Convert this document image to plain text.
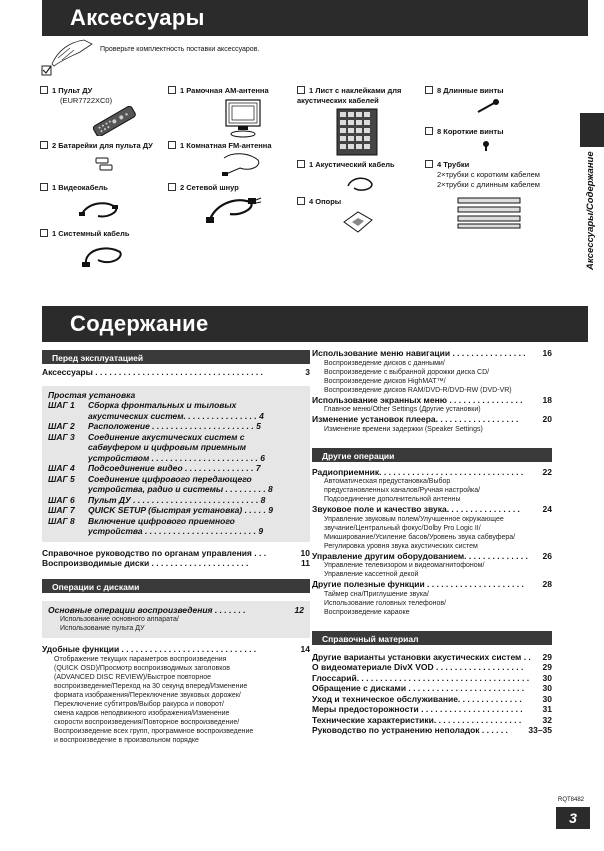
Аксессуары
Аксессуары/Содержание
Проверьте комплектность поставки аксессуаров.
1 Пульт ДУ
(EUR7722XC0)
2 Батарейки для пульта ДУ
1 Видеокабель
1 Системный кабель
1 Рамочная АМ-антенна
1 Комнатная FM-антенна
2 Сетевой шнур
1 Лист с наклейками для акустических кабелей
1 Акустический кабель
4 Опоры
8 Длинные винты
8 Короткие винты
4 Трубки
2×трубки с коротким кабелем
2×трубки с длинным кабелем
Содержание
Перед эксплуатацией
Аксессуары . . . . . . . . . . . . . . . . . . . . . . . . . . . . . . . . . . . .	3
Простая установка
ШАГ 1	Сборка фронтальных и тыловых
акустических систем. . . . . . . . . . . . . . . . 4
ШАГ 2	Расположение . . . . . . . . . . . . . . . . . . . . . . 5
ШАГ 3	Соединение акустических систем с
сабвуфером и цифровым приемным
устройством . . . . . . . . . . . . . . . . . . . . . . . 6
ШАГ 4	Подсоединение видео . . . . . . . . . . . . . . . 7
ШАГ 5	Соединение цифрового передающего
устройства, радио и системы . . . . . . . . . 8
ШАГ 6	Пульт ДУ . . . . . . . . . . . . . . . . . . . . . . . . . . . 8
ШАГ 7	QUICK SETUP (быстрая установка) . . . . . 9
ШАГ 8	Включение цифрового приемного
устройства . . . . . . . . . . . . . . . . . . . . . . . . 9
Справочное руководство по органам управления . . .	10
Воспроизводимые диски . . . . . . . . . . . . . . . . . . . . .	11
Операции с дисками
Основные операции воспроизведения . . . . . . .	12
Использование основного аппарата/
Использование пульта ДУ
Удобные функции . . . . . . . . . . . . . . . . . . . . . . . . . . . . .	14
Отображение текущих параметров воспроизведения
(QUICK OSD)/Просмотр воспроизводимых заголовков
(ADVANCED DISC REVIEW)/Быстрое повторное
воспроизведение/Переход на 30 секунд вперед/Изменение
формата изображения/Переключение звуковых дорожек/
Переключение субтитров/Выбор ракурса и поворот/
смена кадров неподвижного изображения/Изменение
скорости воспроизведения/Повторное воспроизведение/
Воспроизведение всех групп, программное воспроизведение
и воспроизведение в произвольном порядке
Использование меню навигации . . . . . . . . . . . . . . . . 16
Воспроизведение дисков с данными/
Воспроизведение с выбранной дорожки диска CD/
Воспроизведение дисков HighMAT™/
Воспроизведение дисков RAM/DVD-R/DVD-RW (DVD-VR)
Использование экранных меню . . . . . . . . . . . . . . . . 18
Главное меню/Other Settings (Другие установки)
Изменение установок плеера. . . . . . . . . . . . . . . . . .	20
Изменение времени задержки (Speaker Settings)
Другие операции
Радиоприемник. . . . . . . . . . . . . . . . . . . . . . . . . . . . . . . 22
Автоматическая предустановка/Выбор
предустановленных каналов/Ручная настройка/
Подсоединение дополнительной антенны
Звуковое поле и качество звука. . . . . . . . . . . . . . . .	24
Управление звуковым полем/Улучшенное окружающее
звучание/Центральный фокус/Dolby Pro Logic II/
Микширование/Усиление басов/Уровень звука сабвуфера/
Регулировка уровня звука акустических систем
Управление другим оборудованием. . . . . . . . . . . . . . 26
Управление телевизором и видеомагнитофоном/
Управление кассетной декой
Другие полезные функции . . . . . . . . . . . . . . . . . . . . . 28
Таймер сна/Приглушение звука/
Использование головных телефонов/
Воспроизведение караоке
Справочный материал
Другие варианты установки акустических систем . . 29
О видеоматериале DivX VOD . . . . . . . . . . . . . . . . . . . 29
Глоссарий. . . . . . . . . . . . . . . . . . . . . . . . . . . . . . . . . . . . . 30
Обращение с дисками . . . . . . . . . . . . . . . . . . . . . . . . . 30
Уход и техническое обслуживание. . . . . . . . . . . . . . 30
Меры предосторожности . . . . . . . . . . . . . . . . . . . . . . 31
Технические характеристики. . . . . . . . . . . . . . . . . . .	32
Руководство по устранению неполадок . . . . . . 33–35
RQT8482
3
